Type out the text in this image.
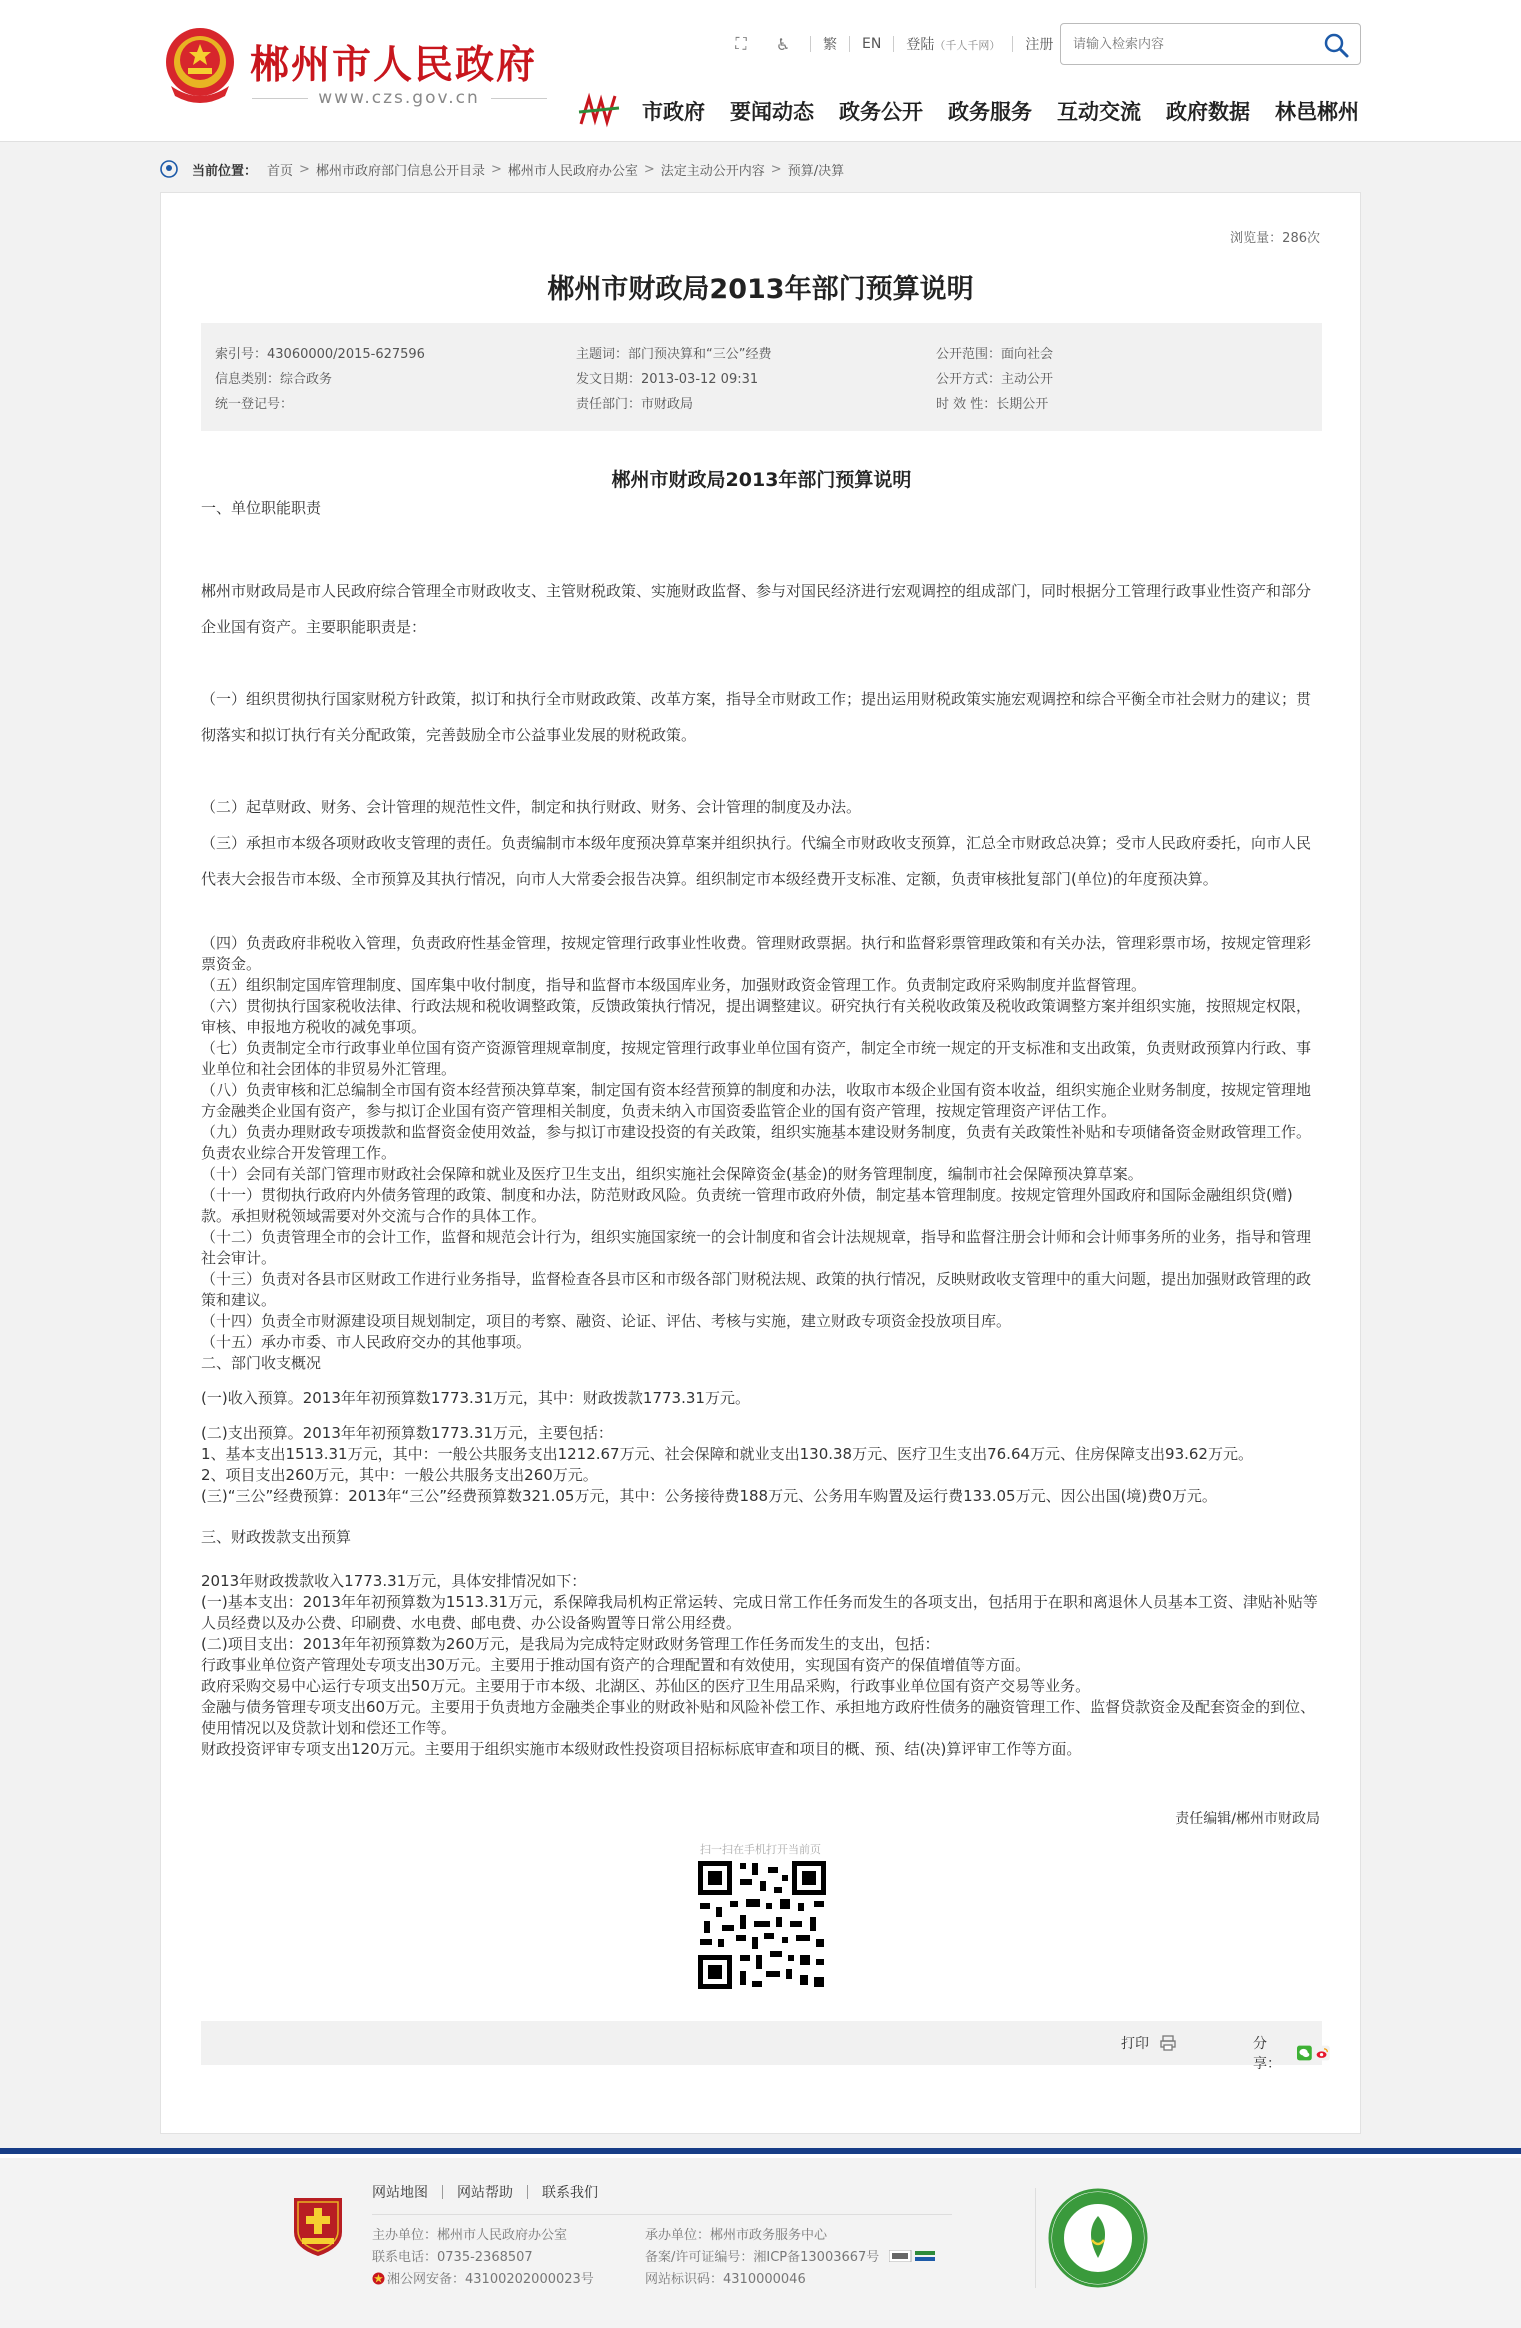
郴州市人民政府
www.czs.gov.cn
⛶	♿ 繁 EN 登陆（千人千网） 注册
请输入检索内容
市政府 要闻动态 政务公开 政务服务 互动交流 政府数据 林邑郴州
当前位置： 首页 > 郴州市政府部门信息公开目录 > 郴州市人民政府办公室 > 法定主动公开内容 > 预算/决算
浏览量：286次
郴州市财政局2013年部门预算说明
索引号：43060000/2015-627596
信息类别：综合政务
统一登记号：
主题词：部门预决算和“三公”经费
发文日期：2013-03-12 09:31
责任部门：市财政局
公开范围：面向社会
公开方式：主动公开
时 效 性：长期公开
郴州市财政局2013年部门预算说明
一、单位职能职责
郴州市财政局是市人民政府综合管理全市财政收支、主管财税政策、实施财政监督、参与对国民经济进行宏观调控的组成部门，同时根据分工管理行政事业性资产和部分企业国有资产。主要职能职责是：
（一）组织贯彻执行国家财税方针政策，拟订和执行全市财政政策、改革方案，指导全市财政工作；提出运用财税政策实施宏观调控和综合平衡全市社会财力的建议；贯彻落实和拟订执行有关分配政策，完善鼓励全市公益事业发展的财税政策。
（二）起草财政、财务、会计管理的规范性文件，制定和执行财政、财务、会计管理的制度及办法。
（三）承担市本级各项财政收支管理的责任。负责编制市本级年度预决算草案并组织执行。代编全市财政收支预算，汇总全市财政总决算；受市人民政府委托，向市人民代表大会报告市本级、全市预算及其执行情况，向市人大常委会报告决算。组织制定市本级经费开支标准、定额，负责审核批复部门(单位)的年度预决算。
（四）负责政府非税收入管理，负责政府性基金管理，按规定管理行政事业性收费。管理财政票据。执行和监督彩票管理政策和有关办法，管理彩票市场，按规定管理彩票资金。
（五）组织制定国库管理制度、国库集中收付制度，指导和监督市本级国库业务，加强财政资金管理工作。负责制定政府采购制度并监督管理。
（六）贯彻执行国家税收法律、行政法规和税收调整政策，反馈政策执行情况，提出调整建议。研究执行有关税收政策及税收政策调整方案并组织实施，按照规定权限，审核、申报地方税收的减免事项。
（七）负责制定全市行政事业单位国有资产资源管理规章制度，按规定管理行政事业单位国有资产，制定全市统一规定的开支标准和支出政策，负责财政预算内行政、事业单位和社会团体的非贸易外汇管理。
（八）负责审核和汇总编制全市国有资本经营预决算草案，制定国有资本经营预算的制度和办法，收取市本级企业国有资本收益，组织实施企业财务制度，按规定管理地方金融类企业国有资产，参与拟订企业国有资产管理相关制度，负责未纳入市国资委监管企业的国有资产管理，按规定管理资产评估工作。
（九）负责办理财政专项拨款和监督资金使用效益，参与拟订市建设投资的有关政策，组织实施基本建设财务制度，负责有关政策性补贴和专项储备资金财政管理工作。负责农业综合开发管理工作。
（十）会同有关部门管理市财政社会保障和就业及医疗卫生支出，组织实施社会保障资金(基金)的财务管理制度，编制市社会保障预决算草案。
（十一）贯彻执行政府内外债务管理的政策、制度和办法，防范财政风险。负责统一管理市政府外债，制定基本管理制度。按规定管理外国政府和国际金融组织贷(赠)款。承担财税领域需要对外交流与合作的具体工作。
（十二）负责管理全市的会计工作，监督和规范会计行为，组织实施国家统一的会计制度和省会计法规规章，指导和监督注册会计师和会计师事务所的业务，指导和管理社会审计。
（十三）负责对各县市区财政工作进行业务指导，监督检查各县市区和市级各部门财税法规、政策的执行情况，反映财政收支管理中的重大问题，提出加强财政管理的政策和建议。
（十四）负责全市财源建设项目规划制定，项目的考察、融资、论证、评估、考核与实施，建立财政专项资金投放项目库。
（十五）承办市委、市人民政府交办的其他事项。
二、部门收支概况
(一)收入预算。2013年年初预算数1773.31万元，其中：财政拨款1773.31万元。
(二)支出预算。2013年年初预算数1773.31万元，主要包括：
1、基本支出1513.31万元，其中：一般公共服务支出1212.67万元、社会保障和就业支出130.38万元、医疗卫生支出76.64万元、住房保障支出93.62万元。
2、项目支出260万元，其中：一般公共服务支出260万元。
(三)“三公”经费预算：2013年“三公”经费预算数321.05万元，其中：公务接待费188万元、公务用车购置及运行费133.05万元、因公出国(境)费0万元。
三、财政拨款支出预算
2013年财政拨款收入1773.31万元，具体安排情况如下：
(一)基本支出：2013年年初预算数为1513.31万元，系保障我局机构正常运转、完成日常工作任务而发生的各项支出，包括用于在职和离退休人员基本工资、津贴补贴等人员经费以及办公费、印刷费、水电费、邮电费、办公设备购置等日常公用经费。
(二)项目支出：2013年年初预算数为260万元，是我局为完成特定财政财务管理工作任务而发生的支出，包括：
行政事业单位资产管理处专项支出30万元。主要用于推动国有资产的合理配置和有效使用，实现国有资产的保值增值等方面。
政府采购交易中心运行专项支出50万元。主要用于市本级、北湖区、苏仙区的医疗卫生用品采购，行政事业单位国有资产交易等业务。
金融与债务管理专项支出60万元。主要用于负责地方金融类企事业的财政补贴和风险补偿工作、承担地方政府性债务的融资管理工作、监督贷款资金及配套资金的到位、使用情况以及贷款计划和偿还工作等。
财政投资评审专项支出120万元。主要用于组织实施市本级财政性投资项目招标标底审查和项目的概、预、结(决)算评审工作等方面。
责任编辑/郴州市财政局
扫一扫在手机打开当前页
打印	分享：
网站地图 网站帮助 联系我们
主办单位：郴州市人民政府办公室
联系电话：0735-2368507
湘公网安备：43100202000023号
承办单位：郴州市政务服务中心
备案/许可证编号：湘ICP备13003667号
网站标识码：4310000046
